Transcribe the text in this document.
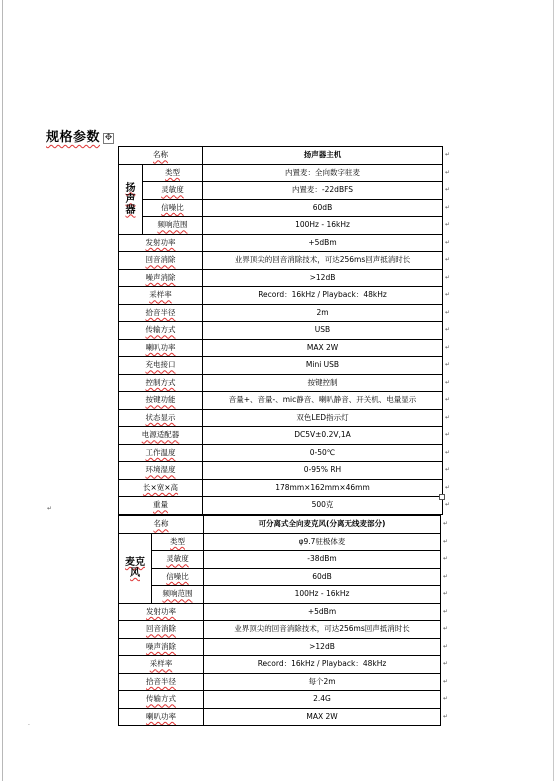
规格参数 ✥
名称		扬声器主机
扬声器	类型	内置麦：全向数字驻麦
	灵敏度	内置麦：-22dBFS
	信噪比	60dB
	频响范围	100Hz - 16kHz
发射功率		+5dBm
回音消除		业界顶尖的回音消除技术，可达256ms回声抵消时长
噪声消除		>12dB
采样率		Record：16kHz / Playback：48kHz
拾音半径		2m
传输方式		USB
喇叭功率		MAX 2W
充电接口		Mini USB
控制方式		按键控制
按键功能		音量+、音量-、mic静音、喇叭静音、开关机、电量显示
状态显示		双色LED指示灯
电源适配器		DC5V±0.2V,1A
工作温度		0-50℃
环境湿度		0-95% RH
长×宽×高		178mm×162mm×46mm
重量		500克
↵
名称		可分离式全向麦克风(分离无线麦部分)
麦克风	类型	φ9.7驻极体麦
	灵敏度	-38dBm
	信噪比	60dB
	频响范围	100Hz - 16kHz
发射功率		+5dBm
回音消除		业界顶尖的回音消除技术，可达256ms回声抵消时长
噪声消除		>12dB
采样率		Record：16kHz / Playback：48kHz
拾音半径		每个2m
传输方式		2.4G
喇叭功率		MAX 2W
·
↵
↵
↵
↵
↵
↵
↵
↵
↵
↵
↵
↵
↵
↵
↵
↵
↵
↵
↵
↵
↵
↵
↵
↵
↵
↵
↵
↵
↵
↵
↵
↵
↵
